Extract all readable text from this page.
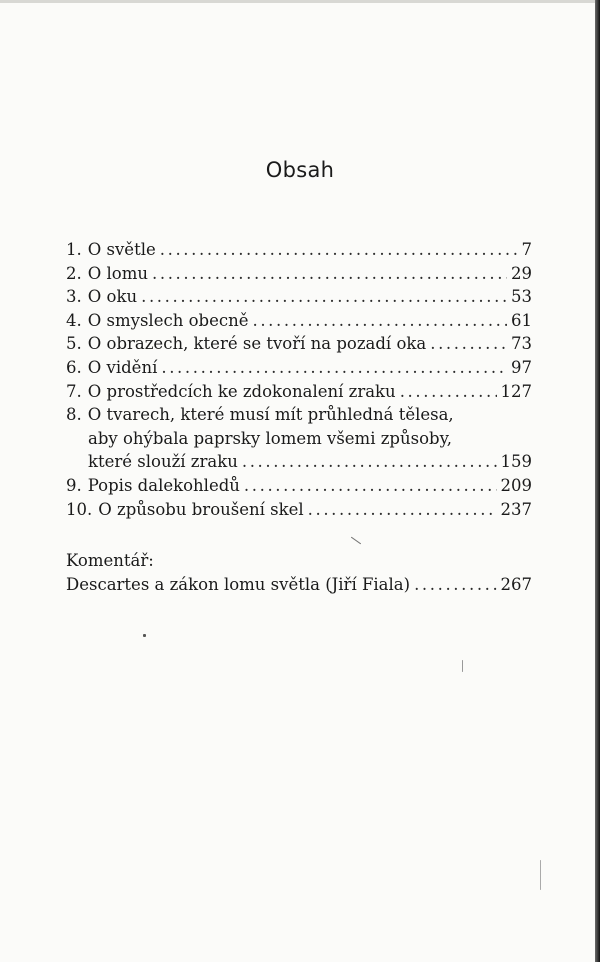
Obsah
1. O světle .....	7
2. O lomu .....	29
3. O oku .....	53
4. O smyslech obecně .....	61
5. O obrazech, které se tvoří na pozadí oka .....	73
6. O vidění .....	97
7. O prostředcích ke zdokonalení zraku .....	127
8. O tvarech, které musí mít průhledná tělesa,
aby ohýbala paprsky lomem všemi způsoby,
které slouží zraku .....	159
9. Popis dalekohledů .....	209
10. O způsobu broušení skel .....	237
Komentář:
Descartes a zákon lomu světla (Jiří Fiala) .....	267
